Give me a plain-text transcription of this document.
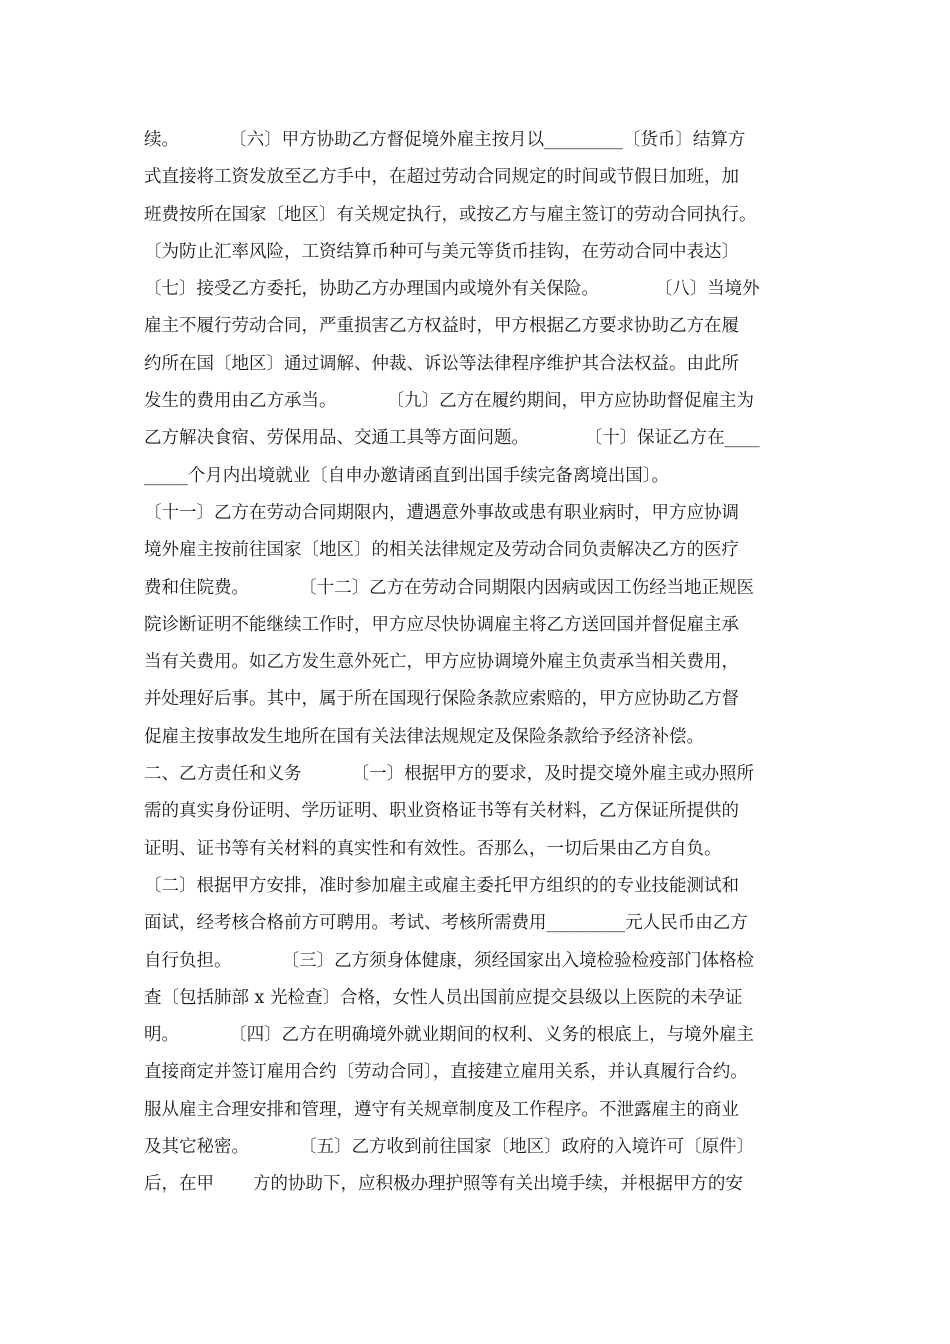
续。         〔六〕甲方协助乙方督促境外雇主按月以_________〔货币〕结算方
式直接将工资发放至乙方手中，在超过劳动合同规定的时间或节假日加班，加
班费按所在国家〔地区〕有关规定执行，或按乙方与雇主签订的劳动合同执行。
〔为防止汇率风险，工资结算币种可与美元等货币挂钩，在劳动合同中表达〕
〔七〕接受乙方委托，协助乙方办理国内或境外有关保险。          〔八〕当境外
雇主不履行劳动合同，严重损害乙方权益时，甲方根据乙方要求协助乙方在履
约所在国〔地区〕通过调解、仲裁、诉讼等法律程序维护其合法权益。由此所
发生的费用由乙方承当。         〔九〕乙方在履约期间，甲方应协助督促雇主为
乙方解决食宿、劳保用品、交通工具等方面问题。          〔十〕保证乙方在____
_____个月内出境就业〔自申办邀请函直到出国手续完备离境出国〕。
〔十一〕乙方在劳动合同期限内，遭遇意外事故或患有职业病时，甲方应协调
境外雇主按前往国家〔地区〕的相关法律规定及劳动合同负责解决乙方的医疗
费和住院费。         〔十二〕乙方在劳动合同期限内因病或因工伤经当地正规医
院诊断证明不能继续工作时，甲方应尽快协调雇主将乙方送回国并督促雇主承
当有关费用。如乙方发生意外死亡，甲方应协调境外雇主负责承当相关费用，
并处理好后事。其中，属于所在国现行保险条款应索赔的，甲方应协助乙方督
促雇主按事故发生地所在国有关法律法规规定及保险条款给予经济补偿。
二、乙方责任和义务         〔一〕根据甲方的要求，及时提交境外雇主或办照所
需的真实身份证明、学历证明、职业资格证书等有关材料，乙方保证所提供的
证明、证书等有关材料的真实性和有效性。否那么，一切后果由乙方自负。
〔二〕根据甲方安排，准时参加雇主或雇主委托甲方组织的的专业技能测试和
面试，经考核合格前方可聘用。考试、考核所需费用_________元人民币由乙方
自行负担。         〔三〕乙方须身体健康，须经国家出入境检验检疫部门体格检
查〔包括肺部 x 光检查〕合格，女性人员出国前应提交县级以上医院的未孕证
明。         〔四〕乙方在明确境外就业期间的权利、义务的根底上，与境外雇主
直接商定并签订雇用合约〔劳动合同〕，直接建立雇用关系，并认真履行合约。
服从雇主合理安排和管理，遵守有关规章制度及工作程序。不泄露雇主的商业
及其它秘密。         〔五〕乙方收到前往国家〔地区〕政府的入境许可〔原件〕
后，在甲       方的协助下，应积极办理护照等有关出境手续，并根据甲方的安
